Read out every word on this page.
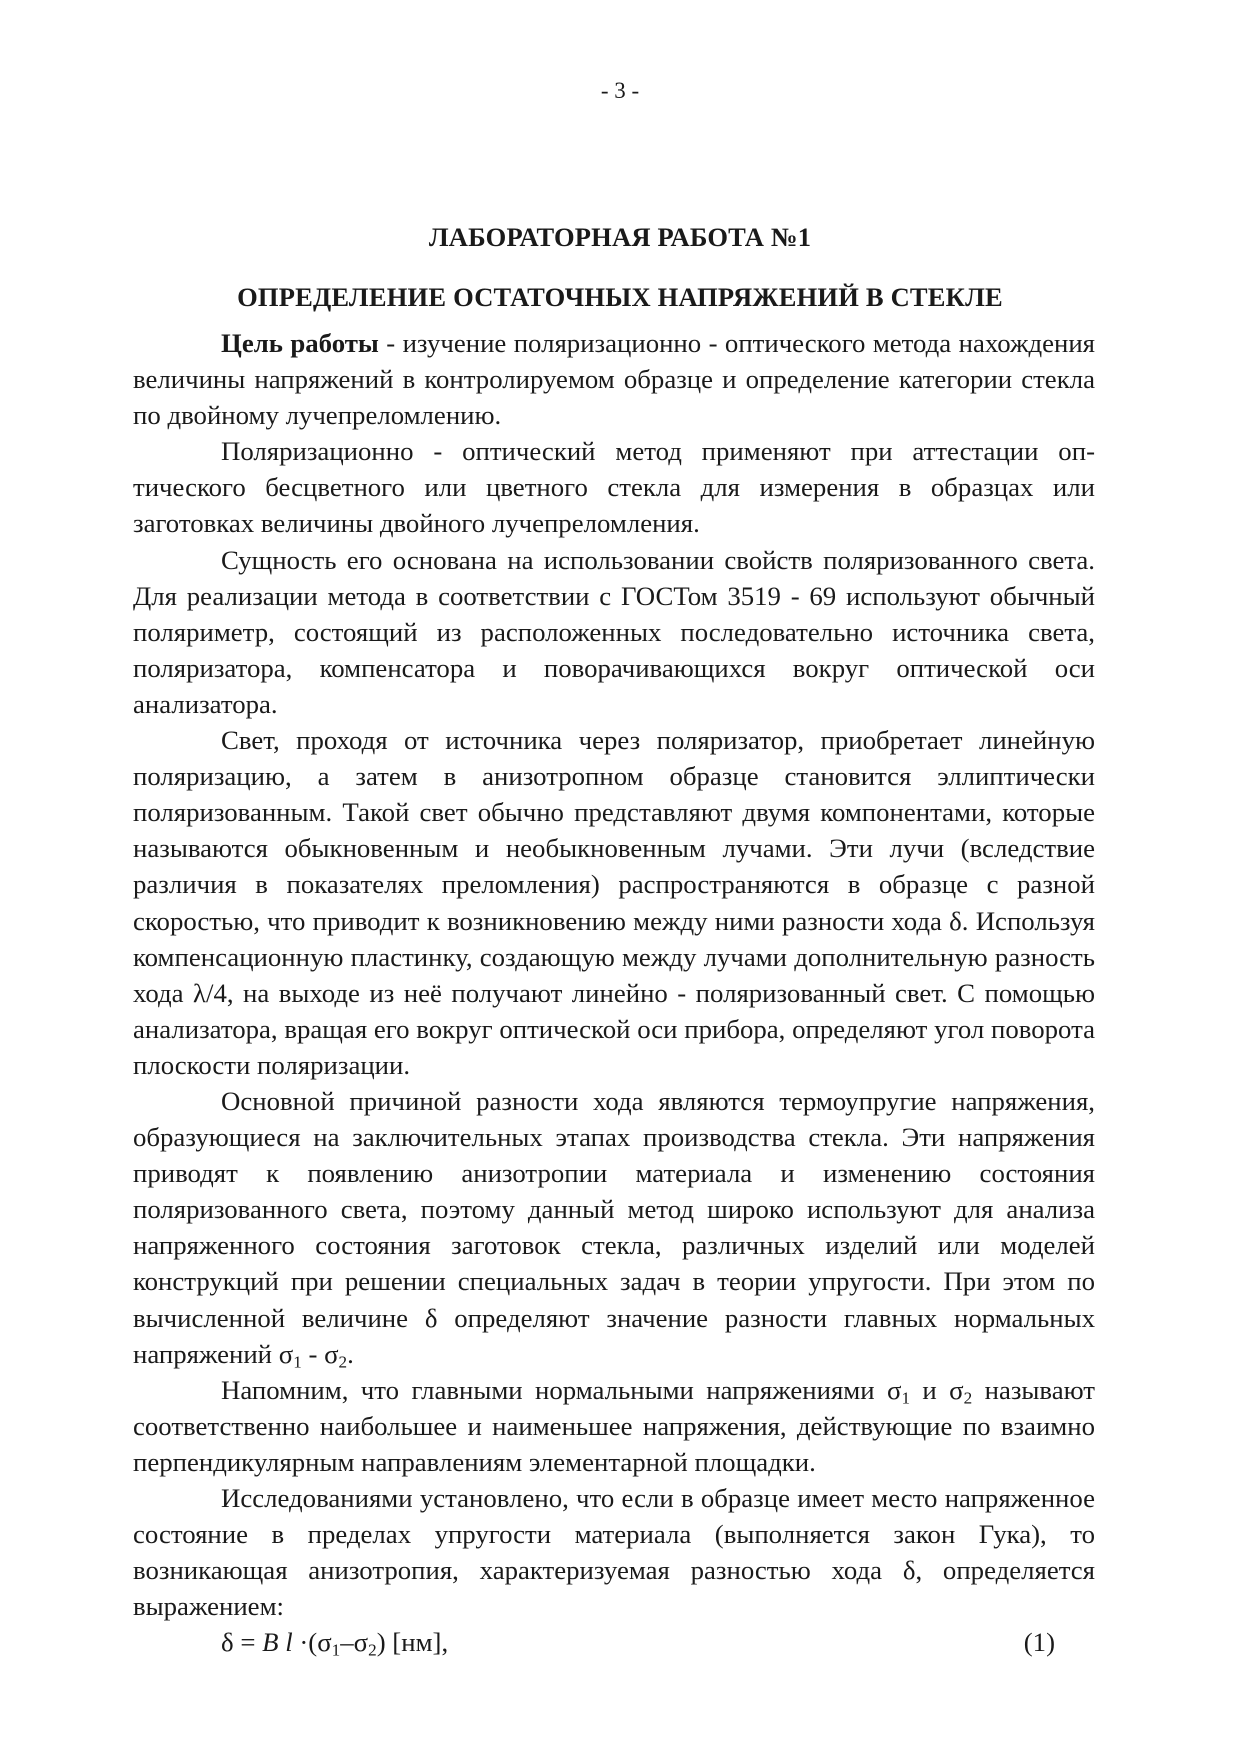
- 3 -
ЛАБОРАТОРНАЯ РАБОТА №1
ОПРЕДЕЛЕНИЕ ОСТАТОЧНЫХ НАПРЯЖЕНИЙ В СТЕКЛЕ

Цель работы - изучение поляризационно - оптического метода нахождения величины напряжений в контролируемом образце и определение категории стекла по двойному лучепреломлению.

Поляризационно - оптический метод применяют при аттестации оптического бесцветного или цветного стекла для измерения в образцах или заготовках величины двойного лучепреломления.

Сущность его основана на использовании свойств поляризованного света. Для реализации метода в соответствии с ГОСТом 3519 - 69 используют обычный поляриметр, состоящий из расположенных последовательно источника света, поляризатора, компенсатора и поворачивающихся вокруг оптической оси анализатора.

Свет, проходя от источника через поляризатор, приобретает линейную поляризацию, а затем в анизотропном образце становится эллиптически поляризованным. Такой свет обычно представляют двумя компонентами, которые называются обыкновенным и необыкновенным лучами. Эти лучи (вследствие различия в показателях преломления) распространяются в образце с разной скоростью, что приводит к возникновению между ними разности хода δ. Используя компенсационную пластинку, создающую между лучами дополнительную разность хода λ/4, на выходе из неё получают линейно - поляризованный свет. С помощью анализатора, вращая его вокруг оптической оси прибора, определяют угол поворота плоскости поляризации.

Основной причиной разности хода являются термоупругие напряжения, образующиеся на заключительных этапах производства стекла. Эти напряжения приводят к появлению анизотропии материала и изменению состояния поляризованного света, поэтому данный метод широко используют для анализа напряженного состояния заготовок стекла, различных изделий или моделей конструкций при решении специальных задач в теории упругости. При этом по вычисленной величине δ определяют значение разности главных нормальных напряжений $\sigma_1 - \sigma_2$.

Напомним, что главными нормальными напряжениями $\sigma_1$ и $\sigma_2$ называют соответственно наибольшее и наименьшее напряжения, действующие по взаимно перпендикулярным направлениям элементарной площадки.

Исследованиями установлено, что если в образце имеет место напряженное состояние в пределах упругости материала (выполняется закон Гука), то возникающая анизотропия, характеризуемая разностью хода δ, определяется выражением:

δ = B $l \cdot(\sigma_1-\sigma_2)$ [нм],	(1)
